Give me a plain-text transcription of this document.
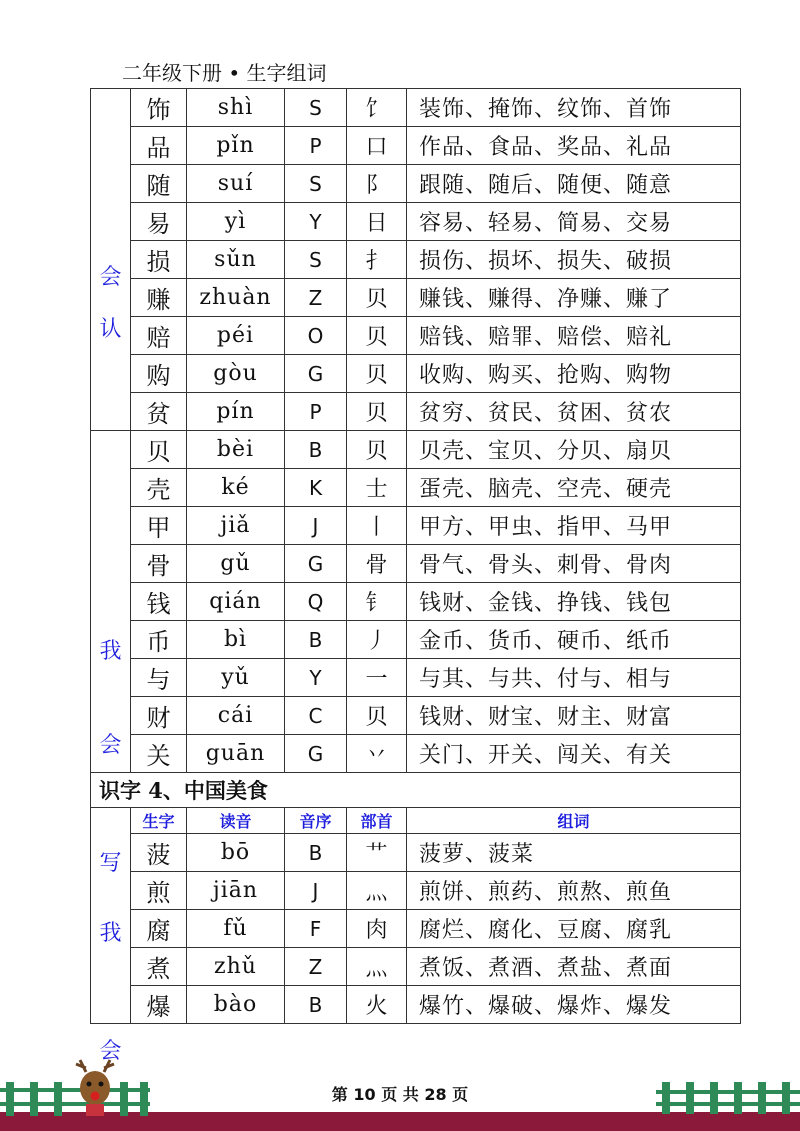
二年级下册 • 生字组词
会
认	饰	shì	S	饣	装饰、掩饰、纹饰、首饰
	品	pǐn	P	口	作品、食品、奖品、礼品
	随	suí	S	阝	跟随、随后、随便、随意
	易	yì	Y	日	容易、轻易、简易、交易
	损	sǔn	S	扌	损伤、损坏、损失、破损
	赚	zhuàn	Z	贝	赚钱、赚得、净赚、赚了
	赔	péi	O	贝	赔钱、赔罪、赔偿、赔礼
	购	gòu	G	贝	收购、购买、抢购、购物
	贫	pín	P	贝	贫穷、贫民、贫困、贫农

我
会
写	贝	bèi	B	贝	贝壳、宝贝、分贝、扇贝
	壳	ké	K	士	蛋壳、脑壳、空壳、硬壳
	甲	jiǎ	J	丨	甲方、甲虫、指甲、马甲
	骨	gǔ	G	骨	骨气、骨头、刺骨、骨肉
	钱	qián	Q	钅	钱财、金钱、挣钱、钱包
	币	bì	B	丿	金币、货币、硬币、纸币
	与	yǔ	Y	一	与其、与共、付与、相与
	财	cái	C	贝	钱财、财宝、财主、财富
	关	guān	G	丷	关门、开关、闯关、有关
识字 4、中国美食					

我
会	生字	读音	音序	部首	组词
	菠	bō	B	艹	菠萝、菠菜
	煎	jiān	J	灬	煎饼、煎药、煎熬、煎鱼
	腐	fǔ	F	肉	腐烂、腐化、豆腐、腐乳
	煮	zhǔ	Z	灬	煮饭、煮酒、煮盐、煮面
	爆	bào	B	火	爆竹、爆破、爆炸、爆发
第 10 页 共 28 页
